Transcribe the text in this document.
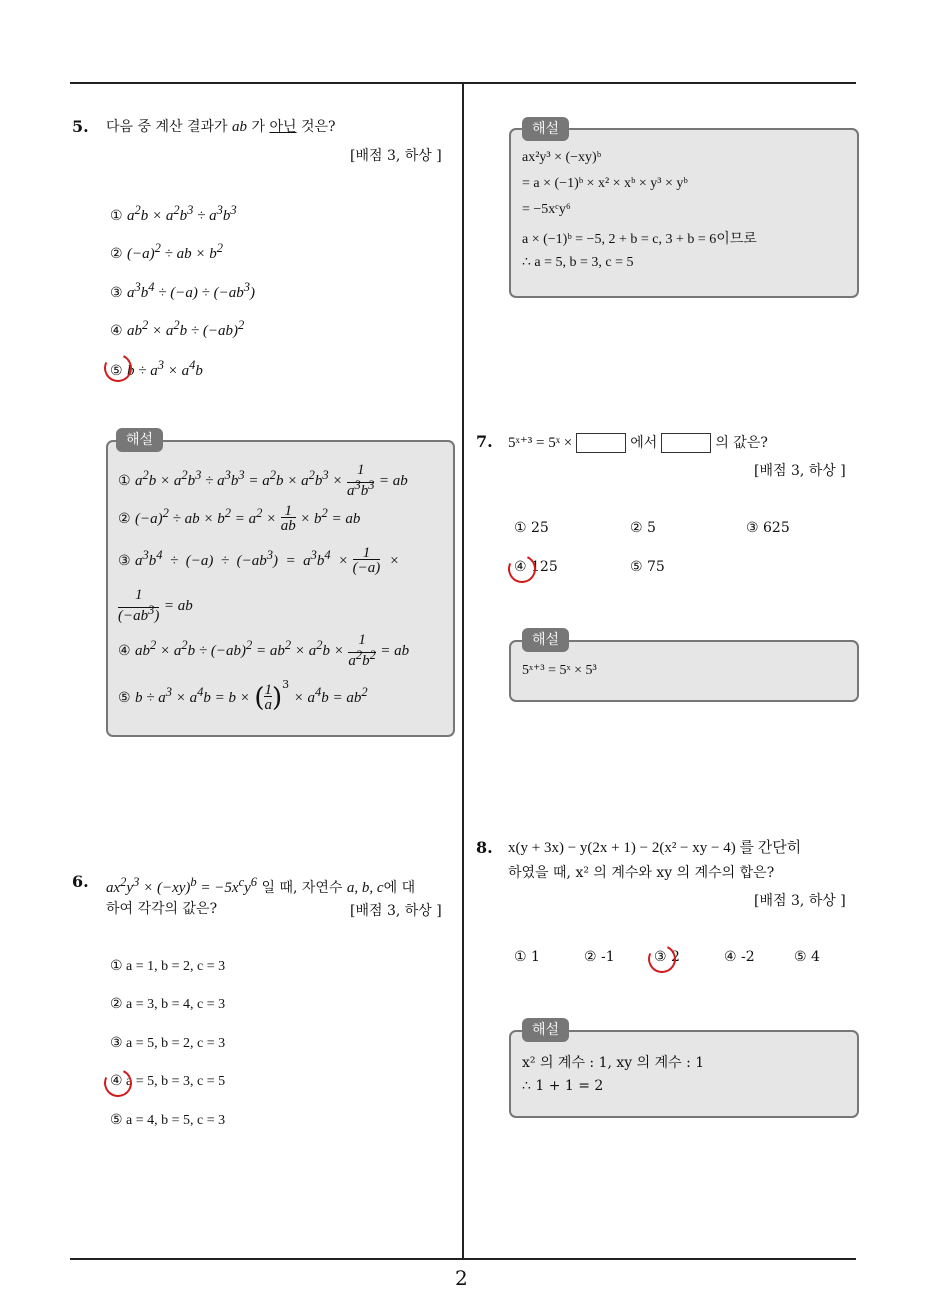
2
5. 다음 중 계산 결과가 ab 가 아닌 것은?
[배점 3, 하상 ]
① $a^2b \times a^2b^3 \div a^3b^3$
② $(-a)^2$ ÷ ab × $b^2$
③ $a^3b^4 \div (-a) \div (-ab^3)$
④ $ab^2 \times a^2b \div (-ab)^2$
⑤ $b \div a^3 \times a^4b$
해설
① $a^2b \times a^2b^3 \div a^3b^3 = a^2b \times a^2b^3 \times \frac{1}{a^3b^3}$ = ab
② $(-a)^2$ ÷ ab × $b^2 = a^2 \times \frac{1}{ab} \times b^2$ = ab
③ $a^3b^4 \div (-a) \div (-ab^3) = a^3b^4 \times \frac{1}{(-a)}$ ×
$\frac{1}{(-ab^3)}$ = ab
④ $ab^2 \times a^2b \div (-ab)^2 = ab^2 \times a^2b \times \frac{1}{a^2b^2}$ = ab
⑤ $b \div a^3 \times a^4b = b \times (\frac{1}{a})^3 \times a^4b = ab^2$
6. $ax^2y^3 \times (-xy)^b = -5x^cy^6$ 일 때, 자연수 a, b, c에 대
하여 각각의 값은?	[배점 3, 하상 ]
① a = 1, b = 2, c = 3
② a = 3, b = 4, c = 3
③ a = 5, b = 2, c = 3
④ a = 5, b = 3, c = 5
⑤ a = 4, b = 5, c = 3
해설
ax²y³ × (−xy)ᵇ
= a × (−1)ᵇ × x² × xᵇ × y³ × yᵇ
= −5xᶜy⁶
a × (−1)ᵇ = −5, 2 + b = c, 3 + b = 6이므로
∴ a = 5, b = 3, c = 5
7. 5ˣ⁺³ = 5ˣ ×	에서	의 값은?
[배점 3, 하상 ]
① 25	② 5	③ 625
④ 125	⑤ 75
해설
5ˣ⁺³ = 5ˣ × 5³
8. x(y + 3x) − y(2x + 1) − 2(x² − xy − 4) 를 간단히
하였을 때, x² 의 계수와 xy 의 계수의 합은?
[배점 3, 하상 ]
① 1	② -1	③ 2	④ -2	⑤ 4
해설
x² 의 계수 : 1, xy 의 계수 : 1
∴ 1 + 1 = 2
